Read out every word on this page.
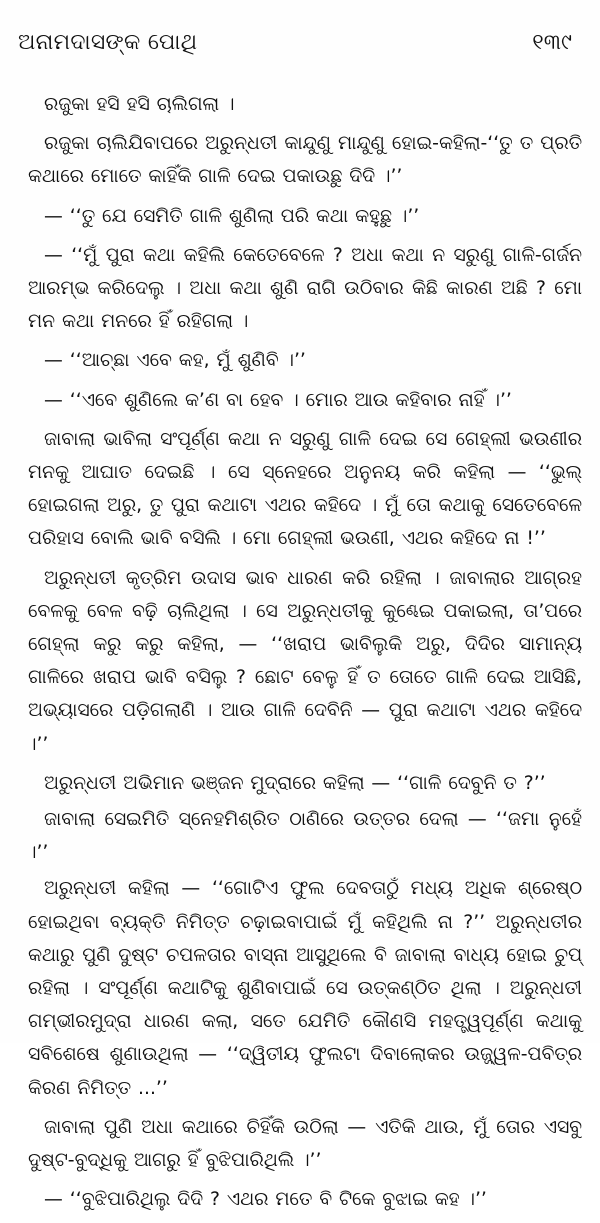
ଅନାମଦାସଙ୍କ ପୋଥି	୧୩୯

ରଜୁକା ହସି ହସି ଚାଲିଗଲା ।

ରଜୁକା ଚାଲିଯିବାପରେ ଅରୁନ୍ଧତୀ କାନ୍ଦୁଣୁ ମାନ୍ଦୁଣୁ ହୋଇ-କହିଲା-‘‘ତୁ ତ ପ୍ରତି କଥାରେ ମୋତେ କାହିଁକି ଗାଳି ଦେଇ ପକାଉଛୁ ଦିଦି ।’’

— ‘‘ତୁ ଯେ ସେମିତି ଗାଳି ଶୁଣିଲା ପରି କଥା କହୁଛୁ ।’’

— ‘‘ମୁଁ ପୁରା କଥା କହିଲି କେତେବେଳେ ? ଅଧା କଥା ନ ସରୁଣୁ ଗାଳି-ଗର୍ଜନ ଆରମ୍ଭ କରିଦେଲୁ । ଅଧା କଥା ଶୁଣି ରାଗି ଉଠିବାର କିଛି କାରଣ ଅଛି ? ମୋ ମନ କଥା ମନରେ ହିଁ ରହିଗଲା ।

— ‘‘ଆଚ୍ଛା ଏବେ କହ, ମୁଁ ଶୁଣିବି ।’’

— ‘‘ଏବେ ଶୁଣିଲେ କ’ଣ ବା ହେବ । ମୋର ଆଉ କହିବାର ନାହିଁ ।’’

ଜାବାଲା ଭାବିଲା ସଂପୂର୍ଣ୍ଣ କଥା ନ ସରୁଣୁ ଗାଳି ଦେଇ ସେ ଗେହ୍ଲୀ ଭଉଣୀର ମନକୁ ଆଘାତ ଦେଇଛି । ସେ ସ୍ନେହରେ ଅନୁନୟ କରି କହିଲା — ‘‘ଭୁଲ୍ ହୋଇଗଲା ଅରୁ, ତୁ ପୁରା କଥାଟା ଏଥର କହିଦେ । ମୁଁ ତୋ କଥାକୁ ସେତେବେଳେ ପରିହାସ ବୋଲି ଭାବି ବସିଲି । ମୋ ଗେହ୍ଲୀ ଭଉଣୀ, ଏଥର କହିଦେ ନା !’’

ଅରୁନ୍ଧତୀ କୃତ୍ରିମ ଉଦାସ ଭାବ ଧାରଣ କରି ରହିଲା । ଜାବାଲାର ଆଗ୍ରହ ବେଳକୁ ବେଳ ବଢ଼ି ଚାଲିଥିଲା । ସେ ଅରୁନ୍ଧତୀକୁ କୁଣ୍ଢେଇ ପକାଇଲା, ତା’ପରେ ଗେହ୍ଲା କରୁ କରୁ କହିଲା, — ‘‘ଖରାପ ଭାବିଲୁକି ଅରୁ, ଦିଦିର ସାମାନ୍ୟ ଗାଳିରେ ଖରାପ ଭାବି ବସିଲୁ ? ଛୋଟ ବେଳୁ ହିଁ ତ ତୋତେ ଗାଳି ଦେଇ ଆସିଛି, ଅଭ୍ୟାସରେ ପଡ଼ିଗଲାଣି । ଆଉ ଗାଳି ଦେବିନି — ପୁରା କଥାଟା ଏଥର କହିଦେ ।’’

ଅରୁନ୍ଧତୀ ଅଭିମାନ ଭଞ୍ଜନ ମୁଦ୍ରାରେ କହିଲା — ‘‘ଗାଳି ଦେବୁନି ତ ?’’

ଜାବାଲା ସେଇମିତି ସ୍ନେହମିଶ୍ରିତ ଠାଣିରେ ଉତ୍ତର ଦେଲା — ‘‘ଜମା ନୁହେଁ ।’’

ଅରୁନ୍ଧତୀ କହିଲା — ‘‘ଗୋଟିଏ ଫୁଲ ଦେବତାଠୁଁ ମଧ୍ୟ ଅଧିକ ଶ୍ରେଷ୍ଠ ହୋଇଥିବା ବ୍ୟକ୍ତି ନିମିତ୍ତ ଚଢ଼ାଇବାପାଇଁ ମୁଁ କହିଥିଲି ନା ?’’ ଅରୁନ୍ଧତୀର କଥାରୁ ପୁଣି ଦୁଷ୍ଟ ଚପଳତାର ବାସ୍ନା ଆସୁଥିଲେ ବି ଜାବାଲା ବାଧ୍ୟ ହୋଇ ଚୁପ୍ ରହିଲା । ସଂପୂର୍ଣ୍ଣ କଥାଟିକୁ ଶୁଣିବାପାଇଁ ସେ ଉତ୍କଣ୍ଠିତ ଥିଲା । ଅରୁନ୍ଧତୀ ଗମ୍ଭୀରମୁଦ୍ରା ଧାରଣ କଲା, ସତେ ଯେମିତି କୌଣସି ମହତ୍ତ୍ୱପୂର୍ଣ୍ଣ କଥାକୁ ସବିଶେଷେ ଶୁଣାଉଥିଲା — ‘‘ଦ୍ୱିତୀୟ ଫୁଲଟା ଦିବାଲୋକର ଉଜ୍ଜ୍ୱଳ-ପବିତ୍ର କିରଣ ନିମିତ୍ତ ...’’

ଜାବାଲା ପୁଣି ଅଧା କଥାରେ ଚିହିଁକି ଉଠିଲା — ଏତିକି ଥାଉ, ମୁଁ ତୋର ଏସବୁ ଦୁଷ୍ଟ-ବୁଦ୍ଧିକୁ ଆଗରୁ ହିଁ ବୁଝିପାରିଥିଲି ।’’

— ‘‘ବୁଝିପାରିଥିଲୁ ଦିଦି ? ଏଥର ମତେ ବି ଟିକେ ବୁଝାଇ କହ ।’’
